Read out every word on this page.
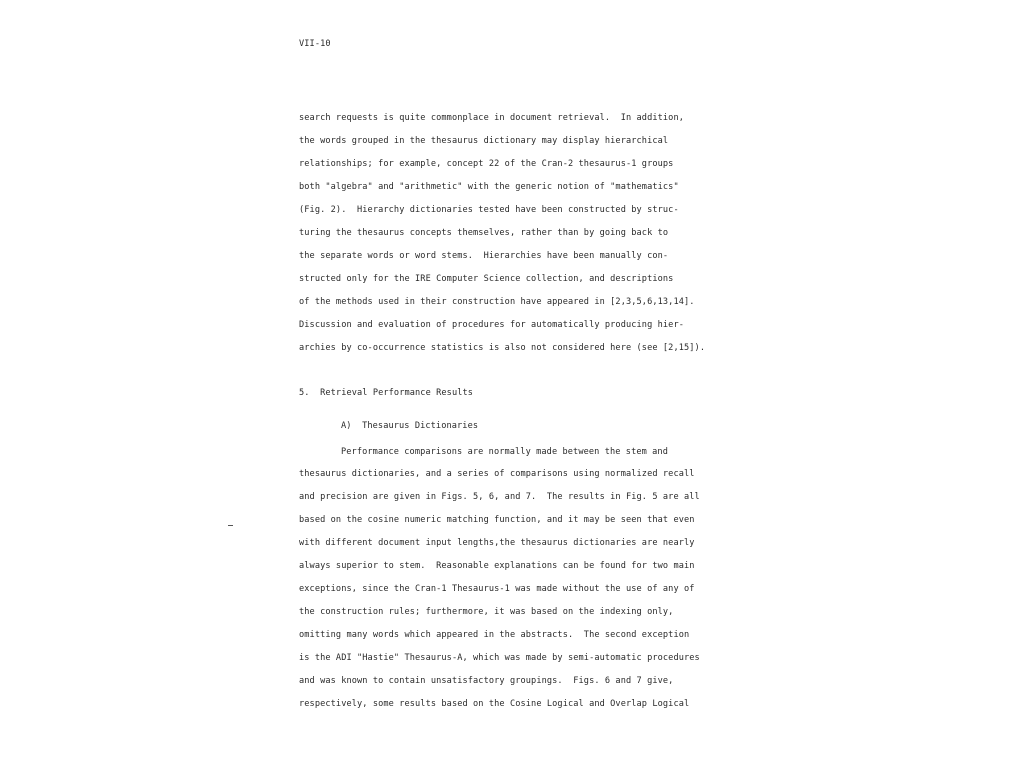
VII-10
search requests is quite commonplace in document retrieval.  In addition,
the words grouped in the thesaurus dictionary may display hierarchical
relationships; for example, concept 22 of the Cran-2 thesaurus-1 groups
both "algebra" and "arithmetic" with the generic notion of "mathematics"
(Fig. 2).  Hierarchy dictionaries tested have been constructed by struc-
turing the thesaurus concepts themselves, rather than by going back to
the separate words or word stems.  Hierarchies have been manually con-
structed only for the IRE Computer Science collection, and descriptions
of the methods used in their construction have appeared in [2,3,5,6,13,14].
Discussion and evaluation of procedures for automatically producing hier-
archies by co-occurrence statistics is also not considered here (see [2,15]).
5.  Retrieval Performance Results
A)  Thesaurus Dictionaries
Performance comparisons are normally made between the stem and
thesaurus dictionaries, and a series of comparisons using normalized recall
and precision are given in Figs. 5, 6, and 7.  The results in Fig. 5 are all
based on the cosine numeric matching function, and it may be seen that even
with different document input lengths,the thesaurus dictionaries are nearly
always superior to stem.  Reasonable explanations can be found for two main
exceptions, since the Cran-1 Thesaurus-1 was made without the use of any of
the construction rules; furthermore, it was based on the indexing only,
omitting many words which appeared in the abstracts.  The second exception
is the ADI "Hastie" Thesaurus-A, which was made by semi-automatic procedures
and was known to contain unsatisfactory groupings.  Figs. 6 and 7 give,
respectively, some results based on the Cosine Logical and Overlap Logical
